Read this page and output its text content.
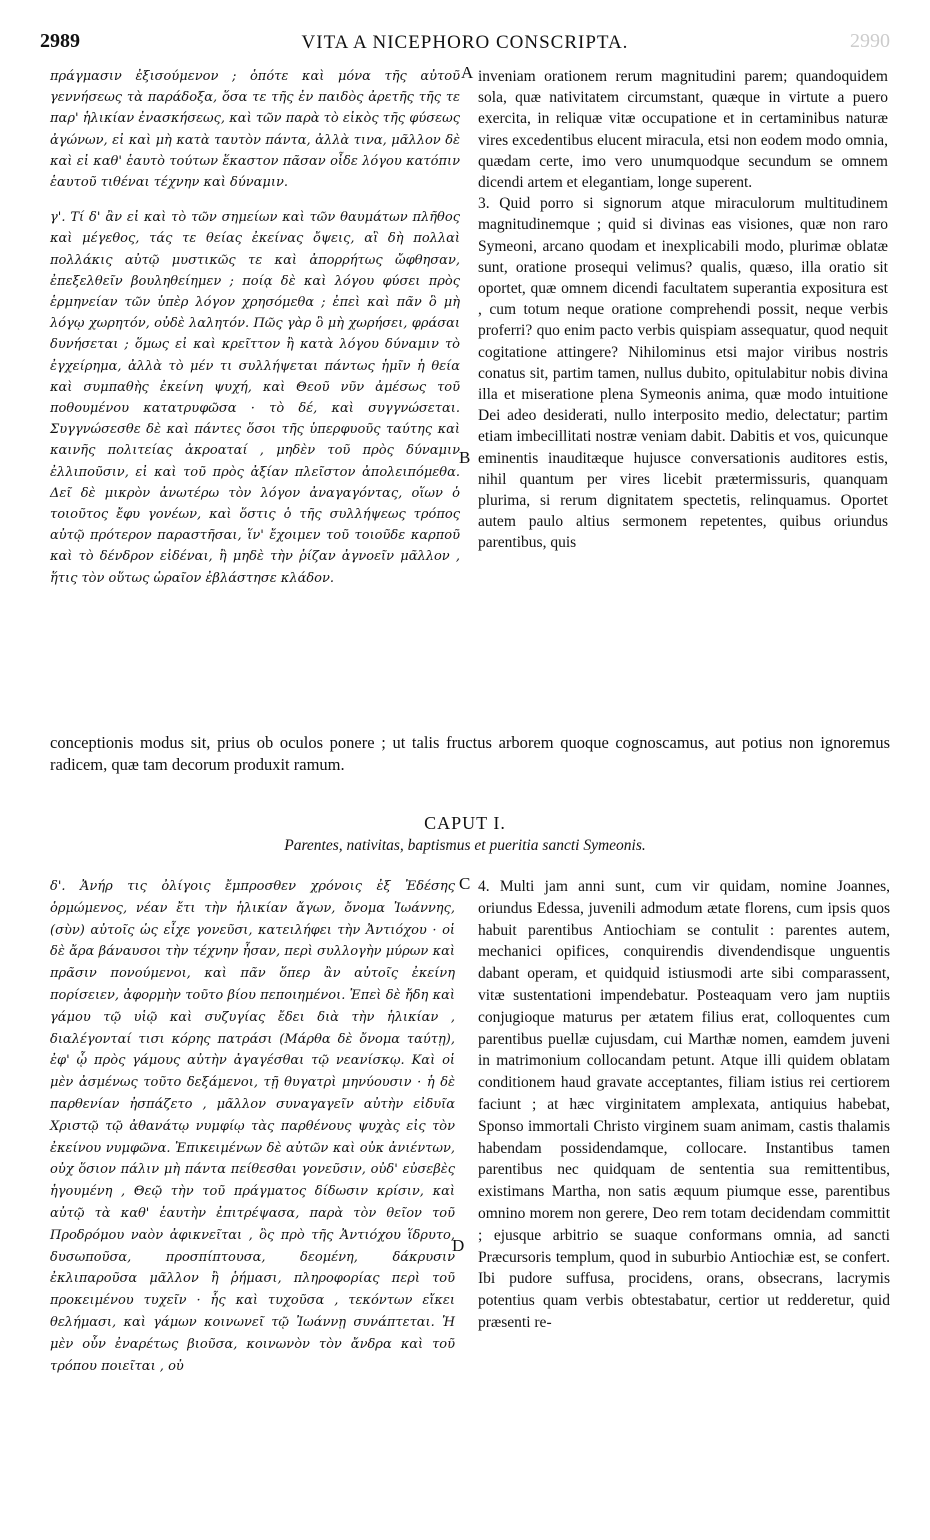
2989	VITA A NICEPHORO CONSCRIPTA.	2990
A
B
C
D

πράγμασιν ἐξισούμενον ; ὁπότε καὶ μόνα τῆς αὐτοῦ γεννήσεως τὰ παράδοξα, ὅσα τε τῆς ἐν παιδὸς ἀρετῆς τῆς τε παρ' ἡλικίαν ἐνασκήσεως, καὶ τῶν παρὰ τὸ εἰκὸς τῆς φύσεως ἀγώνων, εἰ καὶ μὴ κατὰ ταυτὸν πάντα, ἀλλὰ τινα, μᾶλλον δὲ καὶ εἰ καθ' ἑαυτὸ τούτων ἕκαστον πᾶσαν οἶδε λόγου κατόπιν ἑαυτοῦ τιθέναι τέχνην καὶ δύναμιν.

γ'. Τί δ' ἂν εἰ καὶ τὸ τῶν σημείων καὶ τῶν θαυμάτων πλῆθος καὶ μέγεθος, τάς τε θείας ἐκείνας ὄψεις, αἳ δὴ πολλαὶ πολλάκις αὐτῷ μυστικῶς τε καὶ ἀπορρήτως ὤφθησαν, ἐπεξελθεῖν βουληθείημεν ; ποίᾳ δὲ καὶ λόγου φύσει πρὸς ἑρμηνείαν τῶν ὑπὲρ λόγον χρησόμεθα ; ἐπεὶ καὶ πᾶν ὃ μὴ λόγῳ χωρητόν, οὐδὲ λαλητόν. Πῶς γὰρ ὃ μὴ χωρήσει, φράσαι δυνήσεται ; ὅμως εἰ καὶ κρεῖττον ἢ κατὰ λόγου δύναμιν τὸ ἐγχείρημα, ἀλλὰ τὸ μέν τι συλλήψεται πάντως ἡμῖν ἡ θεία καὶ συμπαθὴς ἐκείνη ψυχή, καὶ Θεοῦ νῦν ἀμέσως τοῦ ποθουμένου κατατρυφῶσα · τὸ δέ, καὶ συγγνώσεται. Συγγνώσεσθε δὲ καὶ πάντες ὅσοι τῆς ὑπερφυοῦς ταύτης καὶ καινῆς πολιτείας ἀκροαταί , μηδὲν τοῦ πρὸς δύναμιν ἐλλιποῦσιν, εἰ καὶ τοῦ πρὸς ἀξίαν πλεῖστον ἀπολειπόμεθα. Δεῖ δὲ μικρὸν ἀνωτέρω τὸν λόγον ἀναγαγόντας, οἵων ὁ τοιοῦτος ἔφυ γονέων, καὶ ὅστις ὁ τῆς συλλήψεως τρόπος αὐτῷ πρότερον παραστῆσαι, ἵν' ἔχοιμεν τοῦ τοιοῦδε καρποῦ καὶ τὸ δένδρον εἰδέναι, ἢ μηδὲ τὴν ῥίζαν ἀγνοεῖν μᾶλλον , ἥτις τὸν οὕτως ὡραῖον ἐβλάστησε κλάδον.

inveniam orationem rerum magnitudini parem; quandoquidem sola, quæ nativitatem circumstant, quæque in virtute a puero exercita, in reliquæ vitæ occupatione et in certaminibus naturæ vires excedentibus elucent miracula, etsi non eodem modo omnia, quædam certe, imo vero unumquodque secundum se omnem dicendi artem et elegantiam, longe superent.

3. Quid porro si signorum atque miraculorum multitudinem magnitudinemque ; quid si divinas eas visiones, quæ non raro Symeoni, arcano quodam et inexplicabili modo, plurimæ oblatæ sunt, oratione prosequi velimus? qualis, quæso, illa oratio sit oportet, quæ omnem dicendi facultatem superantia expositura est , cum totum neque oratione comprehendi possit, neque verbis proferri? quo enim pacto verbis quispiam assequatur, quod nequit cogitatione attingere? Nihilominus etsi major viribus nostris conatus sit, partim tamen, nullus dubito, opitulabitur nobis divina illa et miseratione plena Symeonis anima, quæ modo intuitione Dei adeo desiderati, nullo interposito medio, delectatur; partim etiam imbecillitati nostræ veniam dabit. Dabitis et vos, quicunque eminentis inauditæque hujusce conversationis auditores estis, nihil quantum per vires licebit prætermissuris, quanquam plurima, si rerum dignitatem spectetis, relinquamus. Oportet autem paulo altius sermonem repetentes, quibus oriundus parentibus, quis

conceptionis modus sit, prius ob oculos ponere ; ut talis fructus arborem quoque cognoscamus, aut potius non ignoremus radicem, quæ tam decorum produxit ramum.

CAPUT I.
Parentes, nativitas, baptismus et pueritia sancti Symeonis.

δ'. Ἀνήρ τις ὀλίγοις ἔμπροσθεν χρόνοις ἐξ Ἐδέσης ὁρμώμενος, νέαν ἔτι τὴν ἡλικίαν ἄγων, ὄνομα Ἰωάννης, (σὺν) αὐτοῖς ὡς εἶχε γονεῦσι, κατειλήφει τὴν Ἀντιόχου · οἱ δὲ ἄρα βάναυσοι τὴν τέχνην ἦσαν, περὶ συλλογὴν μύρων καὶ πρᾶσιν πονούμενοι, καὶ πᾶν ὅπερ ἂν αὐτοῖς ἐκείνη πορίσειεν, ἀφορμὴν τοῦτο βίου πεποιημένοι. Ἐπεὶ δὲ ἤδη καὶ γάμου τῷ υἱῷ καὶ συζυγίας ἔδει διὰ τὴν ἡλικίαν , διαλέγονταί τισι κόρης πατράσι (Μάρθα δὲ ὄνομα ταύτῃ), ἐφ' ᾧ πρὸς γάμους αὐτὴν ἀγαγέσθαι τῷ νεανίσκῳ. Καὶ οἱ μὲν ἀσμένως τοῦτο δεξάμενοι, τῇ θυγατρὶ μηνύουσιν · ἡ δὲ παρθενίαν ἠσπάζετο , μᾶλλον συναγαγεῖν αὐτὴν εἰδυῖα Χριστῷ τῷ ἀθανάτῳ νυμφίῳ τὰς παρθένους ψυχὰς εἰς τὸν ἐκείνου νυμφῶνα. Ἐπικειμένων δὲ αὐτῶν καὶ οὐκ ἀνιέντων, οὐχ ὅσιον πάλιν μὴ πάντα πείθεσθαι γονεῦσιν, οὐδ' εὐσεβὲς ἡγουμένη , Θεῷ τὴν τοῦ πράγματος δίδωσιν κρίσιν, καὶ αὐτῷ τὰ καθ' ἑαυτὴν ἐπιτρέψασα, παρὰ τὸν θεῖον τοῦ Προδρόμου ναὸν ἀφικνεῖται , ὃς πρὸ τῆς Ἀντιόχου ἵδρυτο, δυσωποῦσα, προσπίπτουσα, δεομένη, δάκρυσιν ἐκλιπαροῦσα μᾶλλον ἢ ῥήμασι, πληροφορίας περὶ τοῦ προκειμένου τυχεῖν · ἧς καὶ τυχοῦσα , τεκόντων εἴκει θελήμασι, καὶ γάμων κοινωνεῖ τῷ Ἰωάννῃ συνάπτεται. Ἡ μὲν οὖν ἐναρέτως βιοῦσα, κοινωνὸν τὸν ἄνδρα καὶ τοῦ τρόπου ποιεῖται , οὐ

4. Multi jam anni sunt, cum vir quidam, nomine Joannes, oriundus Edessa, juvenili admodum ætate florens, cum ipsis quos habuit parentibus Antiochiam se contulit : parentes autem, mechanici opifices, conquirendis divendendisque unguentis dabant operam, et quidquid istiusmodi arte sibi comparassent, vitæ sustentationi impendebatur. Posteaquam vero jam nuptiis conjugioque maturus per ætatem filius erat, colloquentes cum parentibus puellæ cujusdam, cui Marthæ nomen, eamdem juveni in matrimonium collocandam petunt. Atque illi quidem oblatam conditionem haud gravate acceptantes, filiam istius rei certiorem faciunt ; at hæc virginitatem amplexata, antiquius habebat, Sponso immortali Christo virginem suam animam, castis thalamis habendam possidendamque, collocare. Instantibus tamen parentibus nec quidquam de sententia sua remittentibus, existimans Martha, non satis æquum piumque esse, parentibus omnino morem non gerere, Deo rem totam decidendam committit ; ejusque arbitrio se suaque conformans omnia, ad sancti Præcursoris templum, quod in suburbio Antiochiæ est, se confert. Ibi pudore suffusa, procidens, orans, obsecrans, lacrymis potentius quam verbis obtestabatur, certior ut redderetur, quid præsenti re-
